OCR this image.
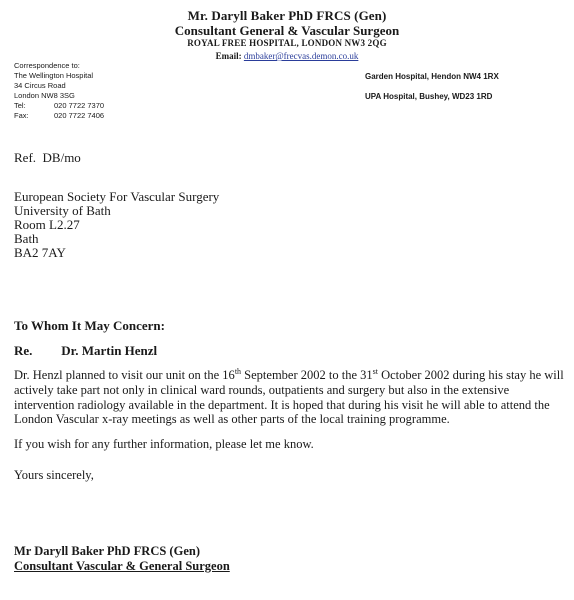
Mr. Daryll Baker PhD FRCS (Gen)
Consultant General & Vascular Surgeon
ROYAL FREE HOSPITAL, LONDON NW3 2QG
Email: dmbaker@frecvas.demon.co.uk
Correspondence to:
The Wellington Hospital
34 Circus Road
London NW8 3SG
Tel:	020 7722 7370
Fax:	020 7722 7406
Garden Hospital, Hendon NW4 1RX
UPA Hospital, Bushey, WD23 1RD
Ref.  DB/mo
European Society For Vascular Surgery
University of Bath
Room L2.27
Bath
BA2 7AY
To Whom It May Concern:
Re. Dr. Martin Henzl
Dr. Henzl planned to visit our unit on the 16th September 2002 to the 31st October 2002 during his stay he will actively take part not only in clinical ward rounds, outpatients and surgery but also in the extensive intervention radiology available in the department. It is hoped that during his visit he will able to attend the London Vascular x-ray meetings as well as other parts of the local training programme.
If you wish for any further information, please let me know.
Yours sincerely,
Mr Daryll Baker PhD FRCS (Gen)
Consultant Vascular & General Surgeon
